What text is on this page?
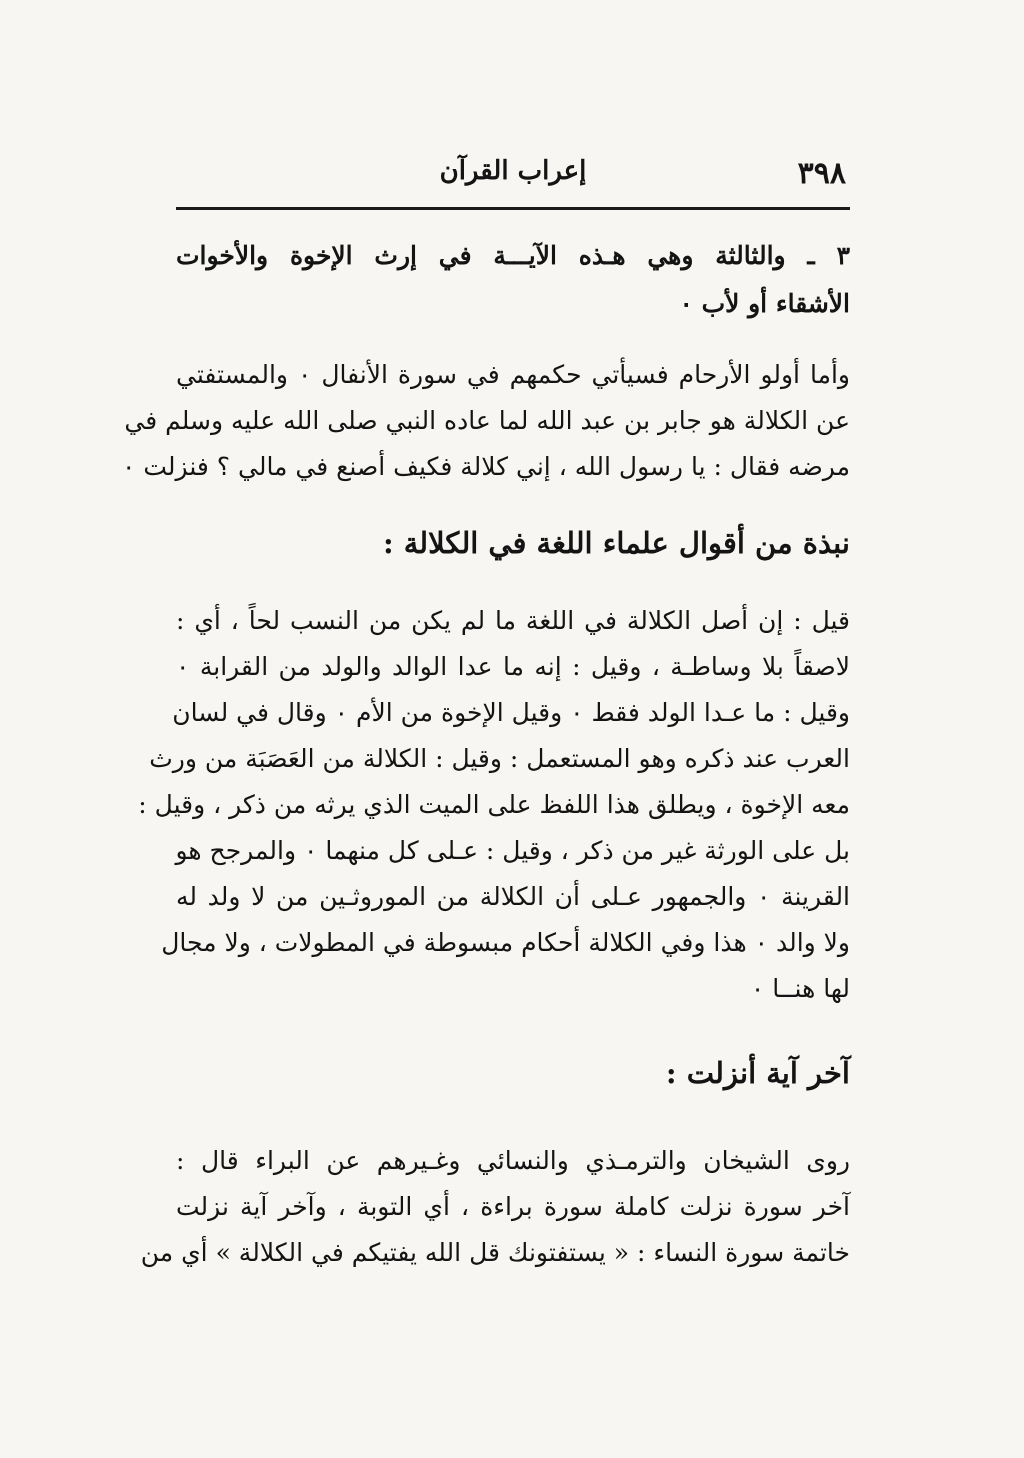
٣٩٨
إعراب القرآن

٣ ـ والثالثة وهي هـذه الآيـــة في إرث الإخوة والأخوات
الأشقاء أو لأب ٠

وأما أولو الأرحام فسيأتي حكمهم في سورة الأنفال ٠ والمستفتي
عن الكلالة هو جابر بن عبد الله لما عاده النبي صلى الله عليه وسلم في
مرضه فقال : يا رسول الله ، إني كلالة فكيف أصنع في مالي ؟ فنزلت ٠

نبذة من أقوال علماء اللغة في الكلالة :

قيل : إن أصل الكلالة في اللغة ما لم يكن من النسب لحاً ، أي :
لاصقاً بلا وساطـة ، وقيل : إنه ما عدا الوالد والولد من القرابة ٠
وقيل : ما عـدا الولد فقط ٠ وقيل الإخوة من الأم ٠ وقال في لسان
العرب عند ذكره وهو المستعمل : وقيل : الكلالة من العَصَبَة من ورث
معه الإخوة ، ويطلق هذا اللفظ على الميت الذي يرثه من ذكر ، وقيل :
بل على الورثة غير من ذكر ، وقيل : عـلى كل منهما ٠ والمرجح هو
القرينة ٠ والجمهور عـلى أن الكلالة من الموروثـين من لا ولد له
ولا والد ٠ هذا وفي الكلالة أحكام مبسوطة في المطولات ، ولا مجال
لها هنــا ٠

آخر آية أنزلت :

روى الشيخان والترمـذي والنسائي وغـيرهم عن البراء قال :
آخر سورة نزلت كاملة سورة براءة ، أي التوبة ، وآخر آية نزلت
خاتمة سورة النساء : « يستفتونك قل الله يفتيكم في الكلالة » أي من
